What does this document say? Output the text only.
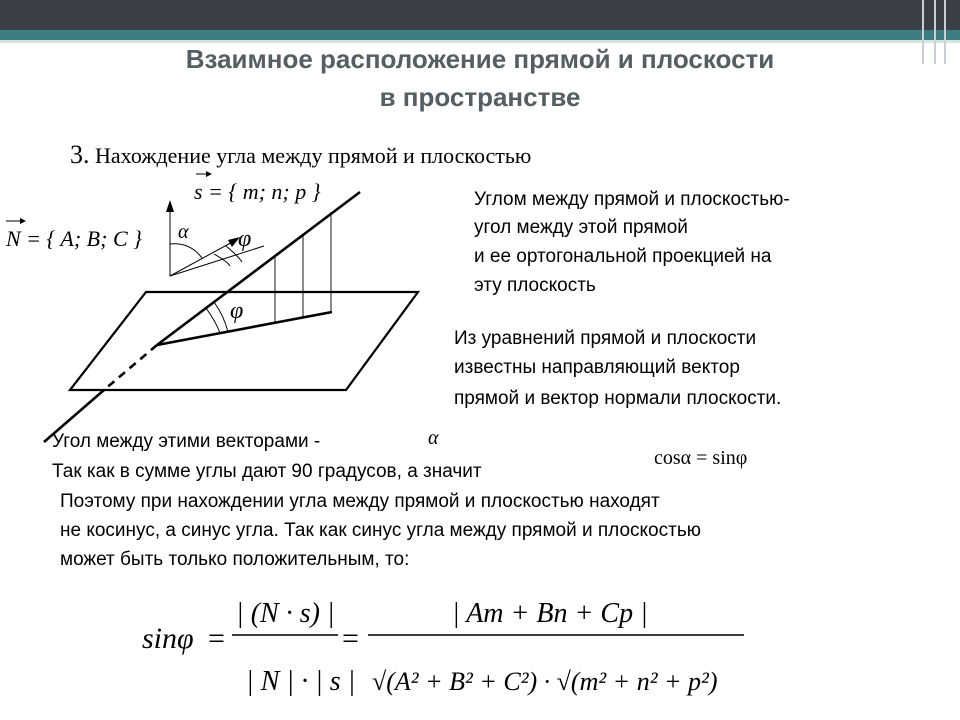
Взаимное расположение прямой и плоскости
в пространстве
3. Нахождение угла между прямой и плоскостью
Углом между прямой и плоскостью-
угол между этой прямой
и ее ортогональной проекцией на
эту плоскость
Из уравнений прямой и плоскости
известны направляющий вектор
прямой и вектор нормали плоскости.
Угол между этими векторами -
Так как в сумме углы дают 90 градусов, а значит
Поэтому при нахождении угла между прямой и плоскостью находят
не косинус, а синус угла. Так как синус угла между прямой и плоскостью
может быть только положительным, то:
s = { m; n; p }
N = { A; B; C } α φ
φ
α
cosα = sinφ
sinφ =
| (N · s) |
| N | · | s |
=
| Am + Bn + Cp |
√(A² + B² + C²) · √(m² + n² + p²)
